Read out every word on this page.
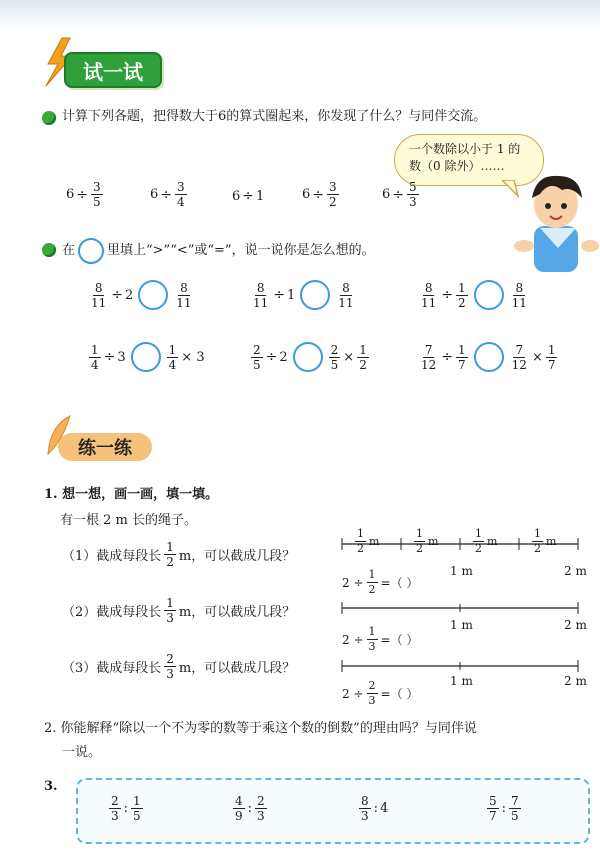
试一试
计算下列各题，把得数大于6的算式圈起来，你发现了什么？与同伴交流。
一个数除以小于 1 的
数（0 除外）……
$6 \div \frac{3}{5}$	$6 \div \frac{3}{4}$	6 ÷ 1	$6 \div \frac{3}{2}$	$6 \div \frac{5}{3}$
在 里填上“>”“<”或“=”，说一说你是怎么想的。
$\frac{8}{11} \div 2$	$\frac{8}{11}$	$\frac{8}{11} \div 1$	$\frac{8}{11}$	$\frac{8}{11} \div \frac{1}{2}$	$\frac{8}{11}$
$\frac{1}{4} \div 3$	$\frac{1}{4} \times 3$	$\frac{2}{5} \div 2$	$\frac{2}{5} \times \frac{1}{2}$	$\frac{7}{12} \div \frac{1}{7}$	$\frac{7}{12} \times \frac{1}{7}$
练一练
1. 想一想，画一画，填一填。
有一根 2 m 长的绳子。
（1）截成每段长 $\frac{1}{2}$ m，可以截成几段？
（2）截成每段长 $\frac{1}{3}$ m，可以截成几段？
（3）截成每段长 $\frac{2}{3}$ m，可以截成几段？
$\frac{1}{2}$ m	$\frac{1}{2}$ m	$\frac{1}{2}$ m	$\frac{1}{2}$ m
1 m	2 m
$2 \div \frac{1}{2}$ =（ ）
1 m	2 m
$2 \div \frac{1}{3}$ =（ ）
1 m	2 m
$2 \div \frac{2}{3}$ =（ ）
2. 你能解释“除以一个不为零的数等于乘这个数的倒数”的理由吗？与同伴说
一说。
3.
$\frac{2}{3}$ : $\frac{1}{5}$	$\frac{4}{9}$ : $\frac{2}{3}$	$\frac{8}{3}$ : 4	$\frac{5}{7}$ : $\frac{7}{5}$
